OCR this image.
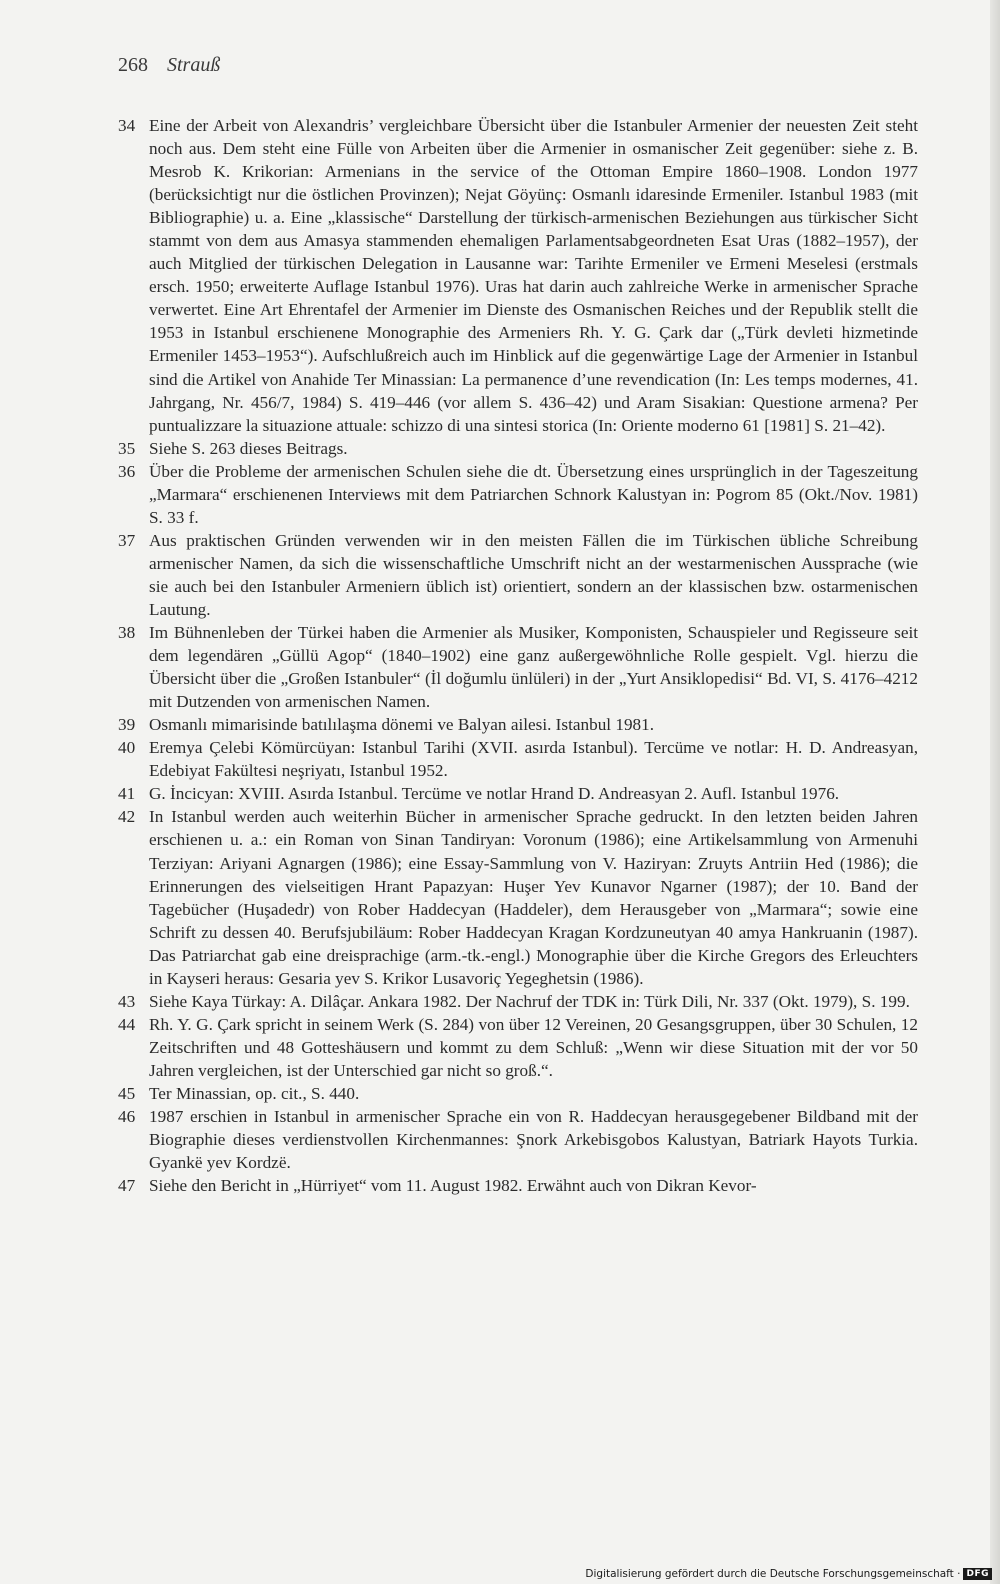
268 Strauß
34 Eine der Arbeit von Alexandris’ vergleichbare Übersicht über die Istanbuler Armenier der neuesten Zeit steht noch aus. Dem steht eine Fülle von Arbeiten über die Armenier in osmanischer Zeit gegenüber: siehe z. B. Mesrob K. Krikorian: Armenians in the service of the Ottoman Empire 1860–1908. London 1977 (berücksichtigt nur die östlichen Provinzen); Nejat Göyünç: Osmanlı idaresinde Ermeniler. Istanbul 1983 (mit Bibliographie) u. a. Eine „klassische“ Darstellung der türkisch-armenischen Beziehungen aus türkischer Sicht stammt von dem aus Amasya stammenden ehemaligen Parlamentsabgeordneten Esat Uras (1882–1957), der auch Mitglied der türkischen Delegation in Lausanne war: Tarihte Ermeniler ve Ermeni Meselesi (erstmals ersch. 1950; erweiterte Auflage Istanbul 1976). Uras hat darin auch zahlreiche Werke in armenischer Sprache verwertet. Eine Art Ehrentafel der Armenier im Dienste des Osmanischen Reiches und der Republik stellt die 1953 in Istanbul erschienene Monographie des Armeniers Rh. Y. G. Çark dar („Türk devleti hizmetinde Ermeniler 1453–1953“). Aufschlußreich auch im Hinblick auf die gegenwärtige Lage der Armenier in Istanbul sind die Artikel von Anahide Ter Minassian: La permanence d’une revendication (In: Les temps modernes, 41. Jahrgang, Nr. 456/7, 1984) S. 419–446 (vor allem S. 436–42) und Aram Sisakian: Questione armena? Per puntualizzare la situazione attuale: schizzo di una sintesi storica (In: Oriente moderno 61 [1981] S. 21–42).
35 Siehe S. 263 dieses Beitrags.
36 Über die Probleme der armenischen Schulen siehe die dt. Übersetzung eines ursprünglich in der Tageszeitung „Marmara“ erschienenen Interviews mit dem Patriarchen Schnork Kalustyan in: Pogrom 85 (Okt./Nov. 1981) S. 33 f.
37 Aus praktischen Gründen verwenden wir in den meisten Fällen die im Türkischen übliche Schreibung armenischer Namen, da sich die wissenschaftliche Umschrift nicht an der westarmenischen Aussprache (wie sie auch bei den Istanbuler Armeniern üblich ist) orientiert, sondern an der klassischen bzw. ostarmenischen Lautung.
38 Im Bühnenleben der Türkei haben die Armenier als Musiker, Komponisten, Schauspieler und Regisseure seit dem legendären „Güllü Agop“ (1840–1902) eine ganz außergewöhnliche Rolle gespielt. Vgl. hierzu die Übersicht über die „Großen Istanbuler“ (İl doğumlu ünlüleri) in der „Yurt Ansiklopedisi“ Bd. VI, S. 4176–4212 mit Dutzenden von armenischen Namen.
39 Osmanlı mimarisinde batılılaşma dönemi ve Balyan ailesi. Istanbul 1981.
40 Eremya Çelebi Kömürcüyan: Istanbul Tarihi (XVII. asırda Istanbul). Tercüme ve notlar: H. D. Andreasyan, Edebiyat Fakültesi neşriyatı, Istanbul 1952.
41 G. İncicyan: XVIII. Asırda Istanbul. Tercüme ve notlar Hrand D. Andreasyan 2. Aufl. Istanbul 1976.
42 In Istanbul werden auch weiterhin Bücher in armenischer Sprache gedruckt. In den letzten beiden Jahren erschienen u. a.: ein Roman von Sinan Tandiryan: Voronum (1986); eine Artikelsammlung von Armenuhi Terziyan: Ariyani Agnargen (1986); eine Essay-Sammlung von V. Haziryan: Zruyts Antriin Hed (1986); die Erinnerungen des vielseitigen Hrant Papazyan: Huşer Yev Kunavor Ngarner (1987); der 10. Band der Tagebücher (Huşadedr) von Rober Haddecyan (Haddeler), dem Herausgeber von „Marmara“; sowie eine Schrift zu dessen 40. Berufsjubiläum: Rober Haddecyan Kragan Kordzuneutyan 40 amya Hankruanin (1987). Das Patriarchat gab eine dreisprachige (arm.-tk.-engl.) Monographie über die Kirche Gregors des Erleuchters in Kayseri heraus: Gesaria yev S. Krikor Lusavoriç Yegeghetsin (1986).
43 Siehe Kaya Türkay: A. Dilâçar. Ankara 1982. Der Nachruf der TDK in: Türk Dili, Nr. 337 (Okt. 1979), S. 199.
44 Rh. Y. G. Çark spricht in seinem Werk (S. 284) von über 12 Vereinen, 20 Gesangsgruppen, über 30 Schulen, 12 Zeitschriften und 48 Gotteshäusern und kommt zu dem Schluß: „Wenn wir diese Situation mit der vor 50 Jahren vergleichen, ist der Unterschied gar nicht so groß.“.
45 Ter Minassian, op. cit., S. 440.
46 1987 erschien in Istanbul in armenischer Sprache ein von R. Haddecyan herausgegebener Bildband mit der Biographie dieses verdienstvollen Kirchenmannes: Şnork Arkebisgobos Kalustyan, Batriark Hayots Turkia. Gyankë yev Kordzë.
47 Siehe den Bericht in „Hürriyet“ vom 11. August 1982. Erwähnt auch von Dikran Kevor-
Digitalisierung gefördert durch die Deutsche Forschungsgemeinschaft · DFG
